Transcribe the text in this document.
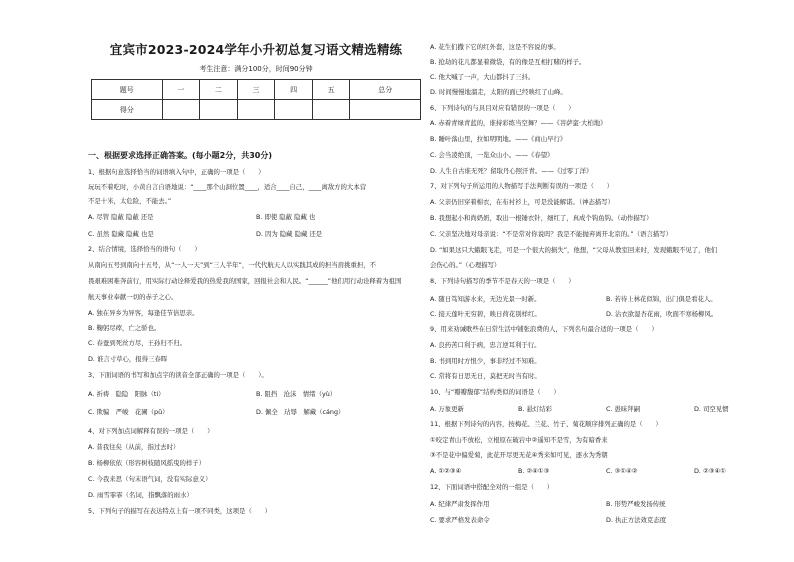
宜宾市2023-2024学年小升初总复习语文精选精练
考生注意：满分100分，时间90分钟
题号	一	二	三	四	五	总分
得分						
一、根据要求选择正确答案。(每小题2分，共30分)
1、根据句意选择恰当的词语填入句中，正确的一项是（　　）
玩玩不着吃时，小黄自言自语地说：“____那个山洞位置____，适合____自己，____离敌方的大本营
不是十米，太危险，不能去。”
A. 尽管 隐蔽 隐蔽 还是	B. 即使 隐蔽 隐藏 也
C. 虽然 隐藏 隐藏 也是	D. 因为 隐藏 隐藏 还是
2、结合情境，选择恰当的语句（　　）
从南向五号到南向十五号，从“一人一天”到“三人半年”，一代代航天人以实践其成的担当肩挑重担，不
畏艰难困难奔前行，用实际行动诠释爱我的热爱我的国家，回报社会和人民。“______”他们用行动诠释着为祖国
航天事业奉献一切的赤子之心。
A. 独在异乡为异客，每逢佳节倍思亲。
B. 鞠躬尽瘁，亡之骄也。
C. 春蚕到死丝方尽，王孙归不归。
D. 谁言寸草心，报得三春晖
3、下面词语的书写和加点字的读音全部正确的一项是（　　）。
A. 祈祷　隐隐　阳脉（ti）	B. 阻挡　沧沫　情绪（yù）
C. 欺骗　严峻　花圃（pǔ）	D. 佩全　玷辱　解藏（cáng）
4、对下列加点词解释有误的一项是（　　）
A. 昔我往矣（从前，指过去时）
B. 杨柳依依（形容树枝随风摇曳的样子）
C. 今我来思（句末语气词，没有实际意义）
D. 雨雪霏霏（名词，指飘落的雨水）
5、下列句子的描写在表达特点上有一项不同类，这项是（　　）
A. 花生们撒下它的红外套，这是不容说的事。
B. 抢劫的花儿都显着微袋，有的像是互相打赌的样子。
C. 他大喊了一声，大山都抖了三抖。
D. 时间慢慢地溜走，太阳的面已经映红了山峰。
6、下列诗句的与具目对应有错误的一项是（　　）
A. 赤着青绿青蓝的，谁持彩练当空舞？——《菩萨蛮·大柏地》
B. 睡叶落山里，拉如明明地。——《商山早行》
C. 会当凌绝顶，一览众山小。——《春望》
D. 人生自古谁无死？留取丹心照汗青。——《过零丁洋》
7、对下列句子所运用的人物描写手法判断有误的一项是（　　）
A. 父亲仍旧穿着棉衣，在布衬衫上，可是没能解诺。（神态描写）
B. 我想起小和尚奶奶，取出一根锤衣针，细红了，真成个钩鱼钩。（动作描写）
C. 父亲坚决地对母亲说：“不是常对你说吗？我是不能抛弃离开北京的。”（语言描写）
D. “如果这只大蛾眼飞走，可是一个很大的损失”，他想，“父母从教室回来时，发现蛾眼不见了，他们
会伤心的。”（心理描写）
8、下列诗句描写的季节不是春天的一项是（　　）
A. 随日笃知游水来，无边光景一时新。	B. 若待上林花似锦，出门俱是看花人。
C. 接天莲叶无穷碧，映日荷花别样红。	D. 沾衣欲湿杏花雨，吹面不寒杨柳风。
9、用来劝诫歌些在日常生活中铺张浪费的人，下列名句最合适的一项是（　　）
A. 良药苦口利于病，忠言逆耳利于行。
B. 书到用时方恨少，事非经过不知难。
C. 常将有日思无日，莫把无时当有时。
10、与“瓣瓣馥郁”结构类似的词语是（　　）
A. 万象更新	B. 悬灯结彩	C. 愚昧拜嗣	D. 司空见惯
11、根据下列诗句的内容，按梅花、兰花、竹子、菊花顺序排列正确的是（　　）
①咬定青山不放松，立根原在破岩中②遥知不是雪，为有暗香来
③不是花中偏爱菊，此花开尽更无花④秀来如可见，逐水为秀朝
A. ①②③④	B. ②④①③	C. ③①④②	D. ②③④①
12、下面词语中搭配全对的一组是（　　）
A. 纪律严肃发挥作用	B. 形势严峻发扬传统
C. 要求严格发表命令	D. 执正方法效克态度
